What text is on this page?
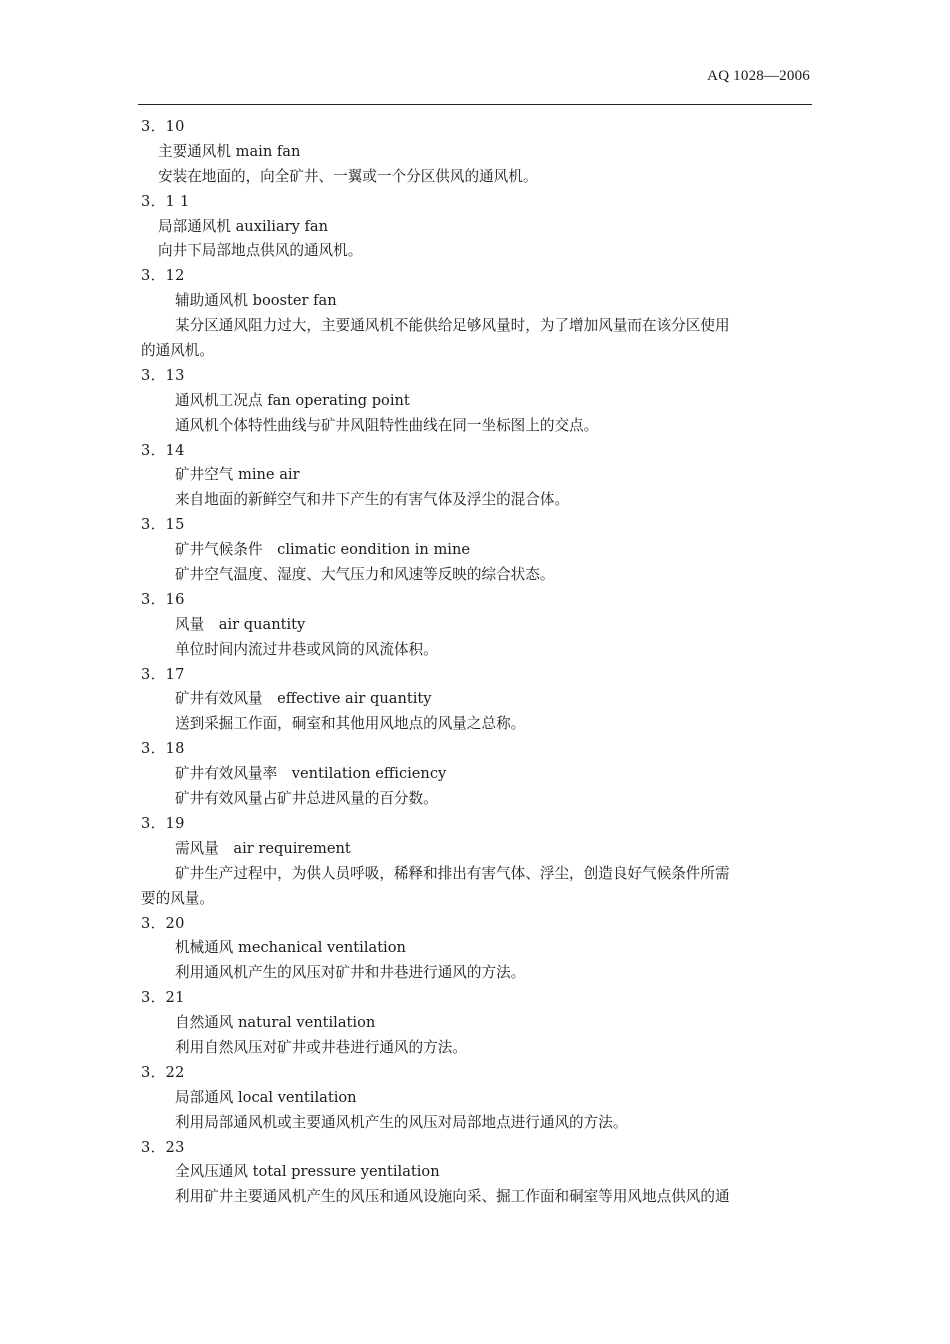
AQ 1028—2006
3．10
主要通风机 main fan
安装在地面的，向全矿井、一翼或一个分区供风的通风机。
3．1 1
局部通风机 auxiliary fan
向井下局部地点供风的通风机。
3．12
辅助通风机 booster fan
某分区通风阻力过大，主要通风机不能供给足够风量时，为了增加风量而在该分区使用
的通风机。
3．13
通风机工况点 fan operating point
通风机个体特性曲线与矿井风阻特性曲线在同一坐标图上的交点。
3．14
矿井空气 mine air
来自地面的新鲜空气和井下产生的有害气体及浮尘的混合体。
3．15
矿井气候条件　climatic eondition in mine
矿井空气温度、湿度、大气压力和风速等反映的综合状态。
3．16
风量　air quantity
单位时间内流过井巷或风筒的风流体积。
3．17
矿井有效风量　effective air quantity
送到采掘工作面，硐室和其他用风地点的风量之总称。
3．18
矿井有效风量率　ventilation efficiency
矿井有效风量占矿井总进风量的百分数。
3．19
需风量　air requirement
矿井生产过程中，为供人员呼吸，稀释和排出有害气体、浮尘，创造良好气候条件所需
要的风量。
3．20
机械通风 mechanical ventilation
利用通风机产生的风压对矿井和井巷进行通风的方法。
3．21
自然通风 natural ventilation
利用自然风压对矿井或井巷进行通风的方法。
3．22
局部通风 local ventilation
利用局部通风机或主要通风机产生的风压对局部地点进行通风的方法。
3．23
全风压通风 total pressure yentilation
利用矿井主要通风机产生的风压和通风设施向采、掘工作面和硐室等用风地点供风的通
